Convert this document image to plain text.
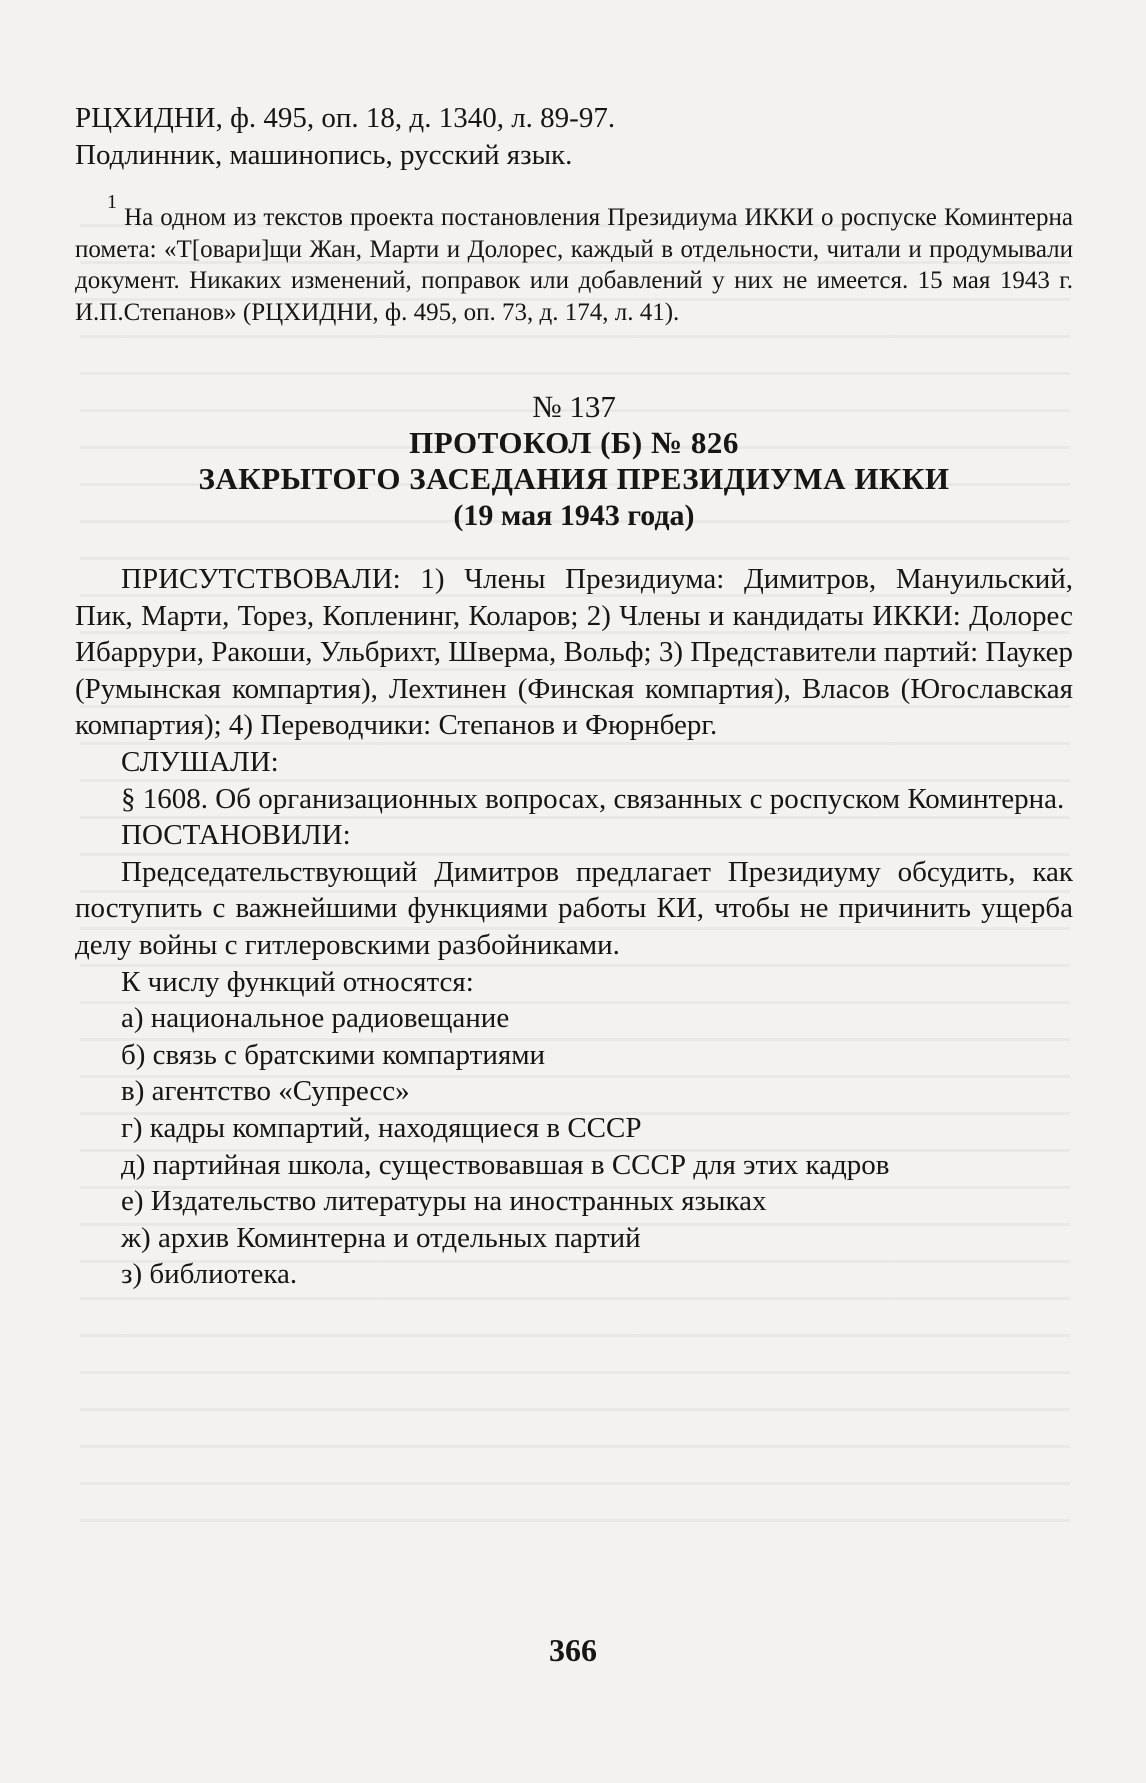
РЦХИДНИ, ф. 495, оп. 18, д. 1340, л. 89-97.

Подлинник, машинопись, русский язык.

$^1$ На одном из текстов проекта постановления Президиума ИККИ о роспуске Коминтерна помета: «Т[овари]щи Жан, Марти и Долорес, каждый в отдельности, читали и продумывали документ. Никаких изменений, поправок или добавлений у них не имеется. 15 мая 1943 г. И.П.Степанов» (РЦХИДНИ, ф. 495, оп. 73, д. 174, л. 41).

№ 137

ПРОТОКОЛ (Б) № 826

ЗАКРЫТОГО ЗАСЕДАНИЯ ПРЕЗИДИУМА ИККИ

(19 мая 1943 года)

ПРИСУТСТВОВАЛИ: 1) Члены Президиума: Димитров, Мануильский, Пик, Марти, Торез, Копленинг, Коларов; 2) Члены и кандидаты ИККИ: Долорес Ибаррури, Ракоши, Ульбрихт, Шверма, Вольф; 3) Представители партий: Паукер (Румынская компартия), Лехтинен (Финская компартия), Власов (Югославская компартия); 4) Переводчики: Степанов и Фюрнберг.

СЛУШАЛИ:

§ 1608. Об организационных вопросах, связанных с роспуском Коминтерна.

ПОСТАНОВИЛИ:

Председательствующий Димитров предлагает Президиуму обсудить, как поступить с важнейшими функциями работы КИ, чтобы не причинить ущерба делу войны с гитлеровскими разбойниками.

К числу функций относятся:

а) национальное радиовещание

б) связь с братскими компартиями

в) агентство «Супресс»

г) кадры компартий, находящиеся в СССР

д) партийная школа, существовавшая в СССР для этих кадров

е) Издательство литературы на иностранных языках

ж) архив Коминтерна и отдельных партий

з) библиотека.

366
